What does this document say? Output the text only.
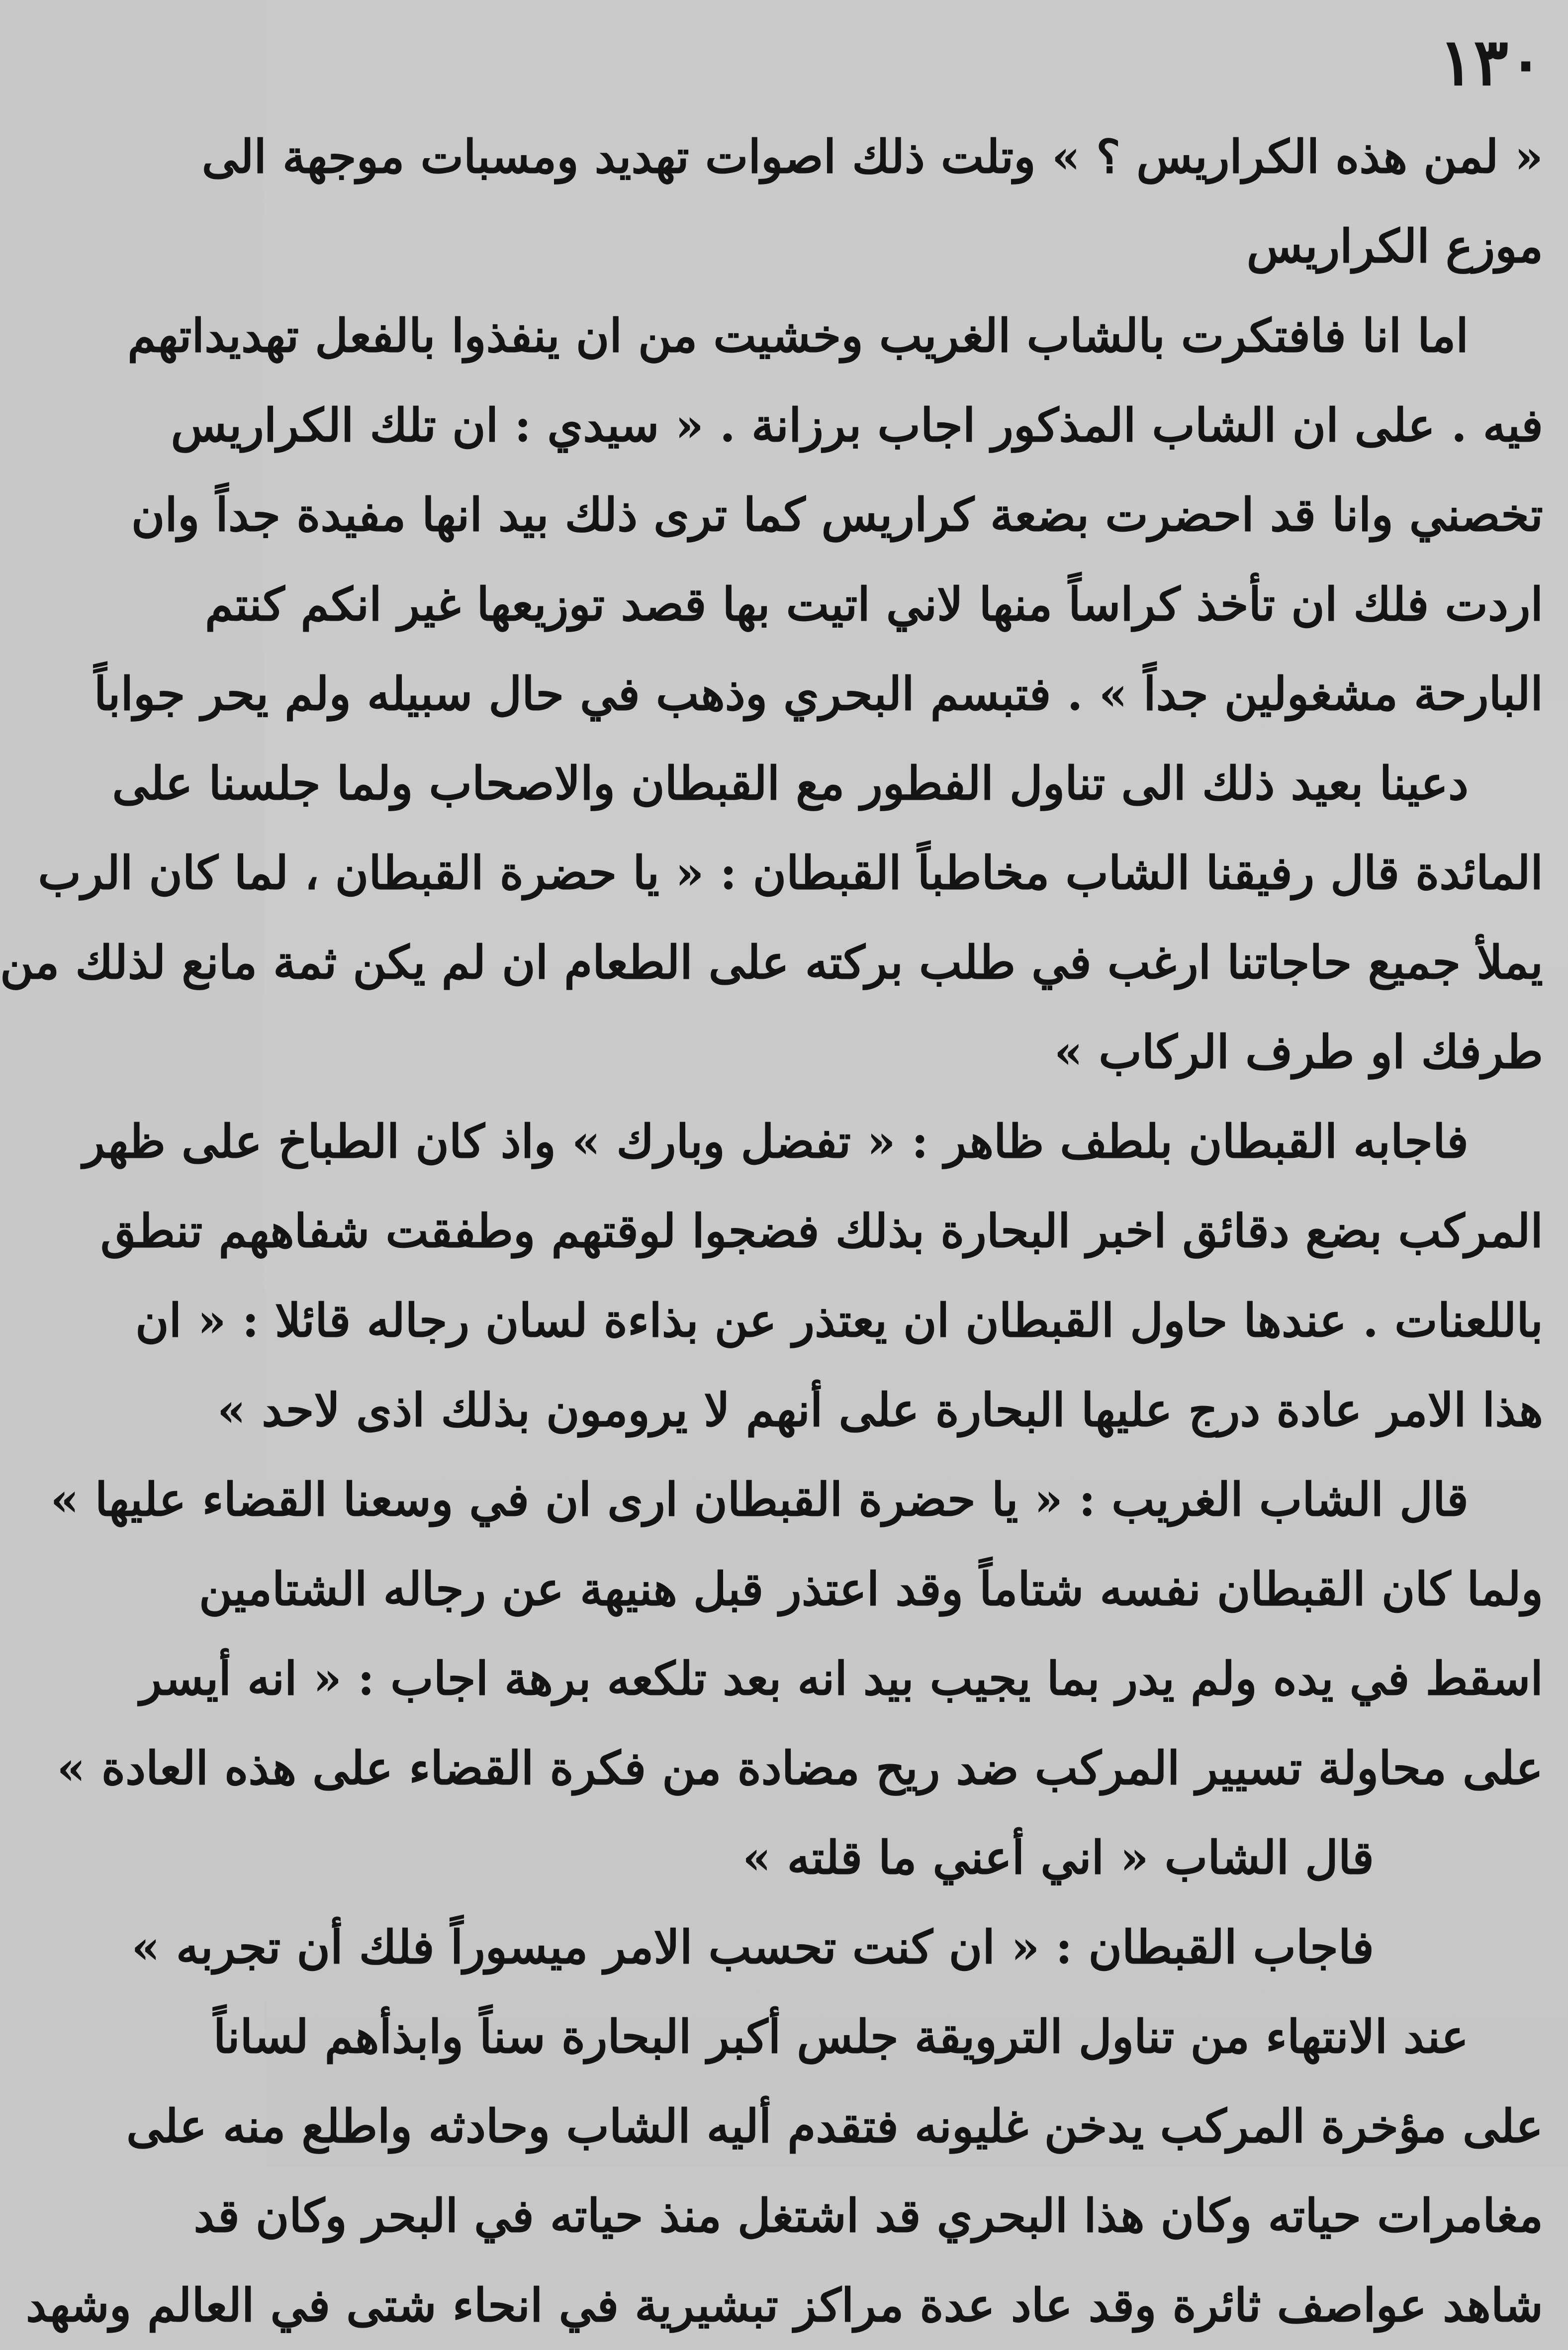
١٣٠
« لمن هذه الكراريس ؟ » وتلت ذلك اصوات تهديد ومسبات موجهة الى
موزع الكراريس
اما انا فافتكرت بالشاب الغريب وخشيت من ان ينفذوا بالفعل تهديداتهم
فيه . على ان الشاب المذكور اجاب برزانة . « سيدي : ان تلك الكراريس
تخصني وانا قد احضرت بضعة كراريس كما ترى ذلك بيد انها مفيدة جداً وان
اردت فلك ان تأخذ كراساً منها لاني اتيت بها قصد توزيعها غير انكم كنتم
البارحة مشغولين جداً » . فتبسم البحري وذهب في حال سبيله ولم يحر جواباً
دعينا بعيد ذلك الى تناول الفطور مع القبطان والاصحاب ولما جلسنا على
المائدة قال رفيقنا الشاب مخاطباً القبطان : « يا حضرة القبطان ، لما كان الرب
يملأ جميع حاجاتنا ارغب في طلب بركته على الطعام ان لم يكن ثمة مانع لذلك من
طرفك او طرف الركاب »
فاجابه القبطان بلطف ظاهر : « تفضل وبارك » واذ كان الطباخ على ظهر
المركب بضع دقائق اخبر البحارة بذلك فضجوا لوقتهم وطفقت شفاههم تنطق
باللعنات . عندها حاول القبطان ان يعتذر عن بذاءة لسان رجاله قائلا : « ان
هذا الامر عادة درج عليها البحارة على أنهم لا يرومون بذلك اذى لاحد »
قال الشاب الغريب : « يا حضرة القبطان ارى ان في وسعنا القضاء عليها »
ولما كان القبطان نفسه شتاماً وقد اعتذر قبل هنيهة عن رجاله الشتامين
اسقط في يده ولم يدر بما يجيب بيد انه بعد تلكعه برهة اجاب : « انه أيسر
على محاولة تسيير المركب ضد ريح مضادة من فكرة القضاء على هذه العادة »
قال الشاب « اني أعني ما قلته »
فاجاب القبطان : « ان كنت تحسب الامر ميسوراً فلك أن تجربه »
عند الانتهاء من تناول الترويقة جلس أكبر البحارة سناً وابذأهم لساناً
على مؤخرة المركب يدخن غليونه فتقدم أليه الشاب وحادثه واطلع منه على
مغامرات حياته وكان هذا البحري قد اشتغل منذ حياته في البحر وكان قد
شاهد عواصف ثائرة وقد عاد عدة مراكز تبشيرية في انحاء شتى في العالم وشهد
